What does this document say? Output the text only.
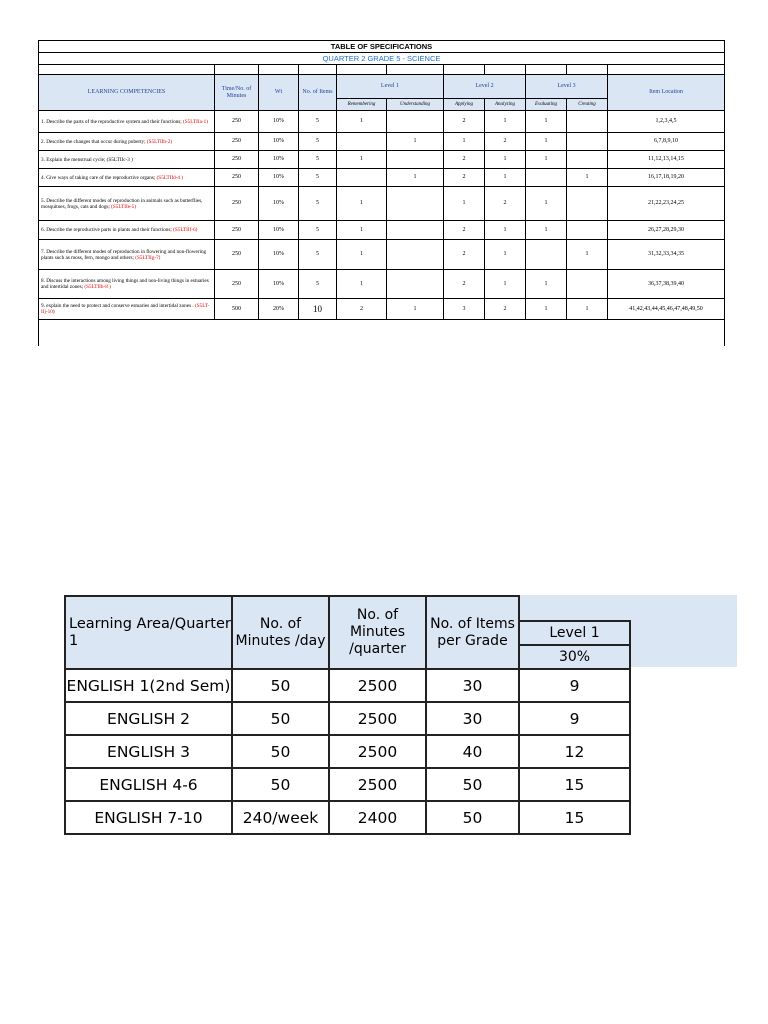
TABLE OF SPECIFICATIONS										
QUARTER 2 GRADE 5 - SCIENCE										

LEARNING COMPETENCIES	Time/No. of Minutes	Wt	No. of Items	Level 1		Level 2		Level 3		Item Location
				Remembering	Understanding	Applying	Analyzing	Evaluating	Creating	
1. Describe the parts of the reproductive system and their functions; (S5LTIIa-1)	250	10%	5	1		2	1	1		1,2,3,4,5
2. Describe the changes that occur during puberty; (S5LTIIb-2)	250	10%	5		1	1	2	1		6,7,8,9,10
3. Explain the menstrual cycle; (S5LTIIc-3 )	250	10%	5	1		2	1	1		11,12,13,14,15
4. Give ways of taking care of the reproductive organs; (S5LTIId-4 )	250	10%	5		1	2	1		1	16,17,18,19,20
5. Describe the different modes of reproduction in animals such as butterflies, mosquitoes, frogs, cats and dogs; (S5LTIIe-5)	250	10%	5	1		1	2	1		21,22,23,24,25
6. Describe the reproductive parts in plants and their functions; (S5LTIIf-6)	250	10%	5	1		2	1	1		26,27,28,29,30
7. Describe the different modes of reproduction in flowering and non-flowering plants such as moss, fern, mongo and others; (S5LTIIg-7)	250	10%	5	1		2	1		1	31,32,33,34,35
8. Discuss the interactions among living things and non-living things in estuaries and intertidal zones; (S5LTIIh-8 )	250	10%	5	1		2	1	1		36,37,38,39,40
9. explain the need to protect and conserve estuaries and intertidal zones . (S5LT-IIj-10)	500	20%	10	2	1	3	2	1	1	41,42,43,44,45,46,47,48,49,50

Learning Area/Quarter 1	No. of Minutes /day	No. of Minutes /quarter	No. of Items per Grade	
				Level 1
				30%
ENGLISH 1(2nd Sem)	50	2500	30	9
ENGLISH 2	50	2500	30	9
ENGLISH 3	50	2500	40	12
ENGLISH 4-6	50	2500	50	15
ENGLISH 7-10	240/week	2400	50	15
